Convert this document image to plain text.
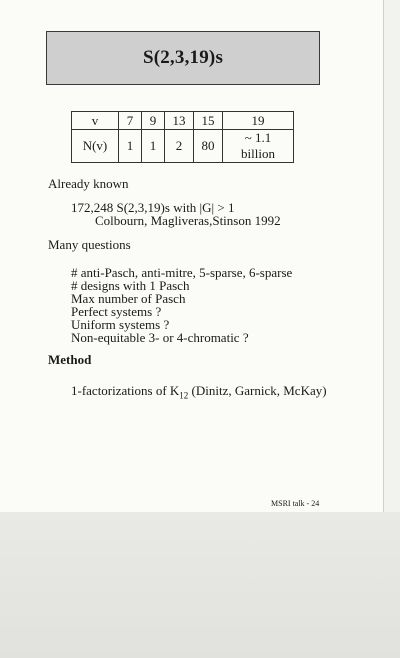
S(2,3,19)s
v	7	9	13	15	19
N(v)	1	1	2	80	~ 1.1 billion
Already known
172,248 S(2,3,19)s with |G| > 1
Colbourn, Magliveras,Stinson 1992
Many questions
# anti-Pasch, anti-mitre, 5-sparse, 6-sparse
# designs with 1 Pasch
Max number of Pasch
Perfect systems ?
Uniform systems ?
Non-equitable 3- or 4-chromatic ?
Method
1-factorizations of $K_{12}$ (Dinitz, Garnick, McKay)
MSRI talk - 24
